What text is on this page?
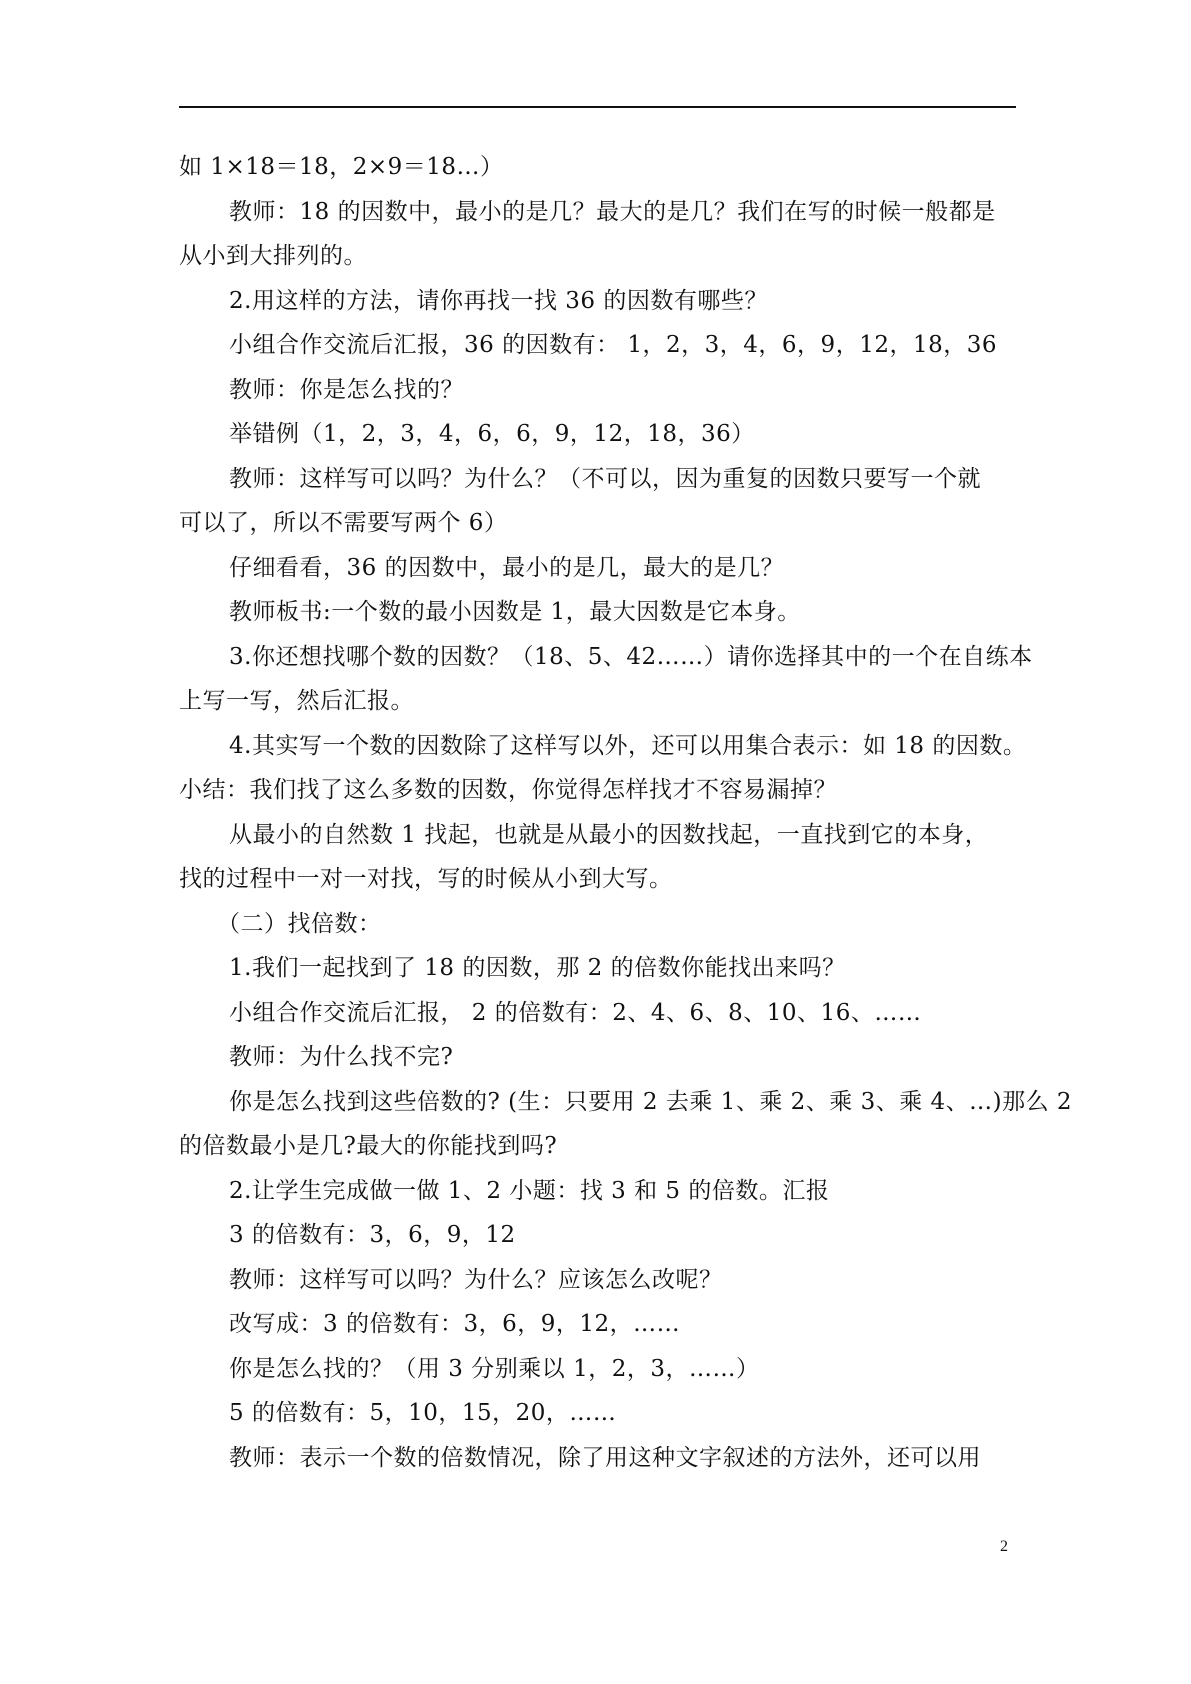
如 1×18＝18，2×9＝18…）
教师：18 的因数中，最小的是几？最大的是几？我们在写的时候一般都是
从小到大排列的。
2.用这样的方法，请你再找一找 36 的因数有哪些？
小组合作交流后汇报，36 的因数有： 1，2，3，4，6，9，12，18，36
教师：你是怎么找的？
举错例（1，2，3，4，6，6，9，12，18，36）
教师：这样写可以吗？为什么？（不可以，因为重复的因数只要写一个就
可以了，所以不需要写两个 6）
仔细看看，36 的因数中，最小的是几，最大的是几？
教师板书:一个数的最小因数是 1，最大因数是它本身。
3.你还想找哪个数的因数？（18、5、42……）请你选择其中的一个在自练本
上写一写，然后汇报。
4.其实写一个数的因数除了这样写以外，还可以用集合表示：如 18 的因数。
小结：我们找了这么多数的因数，你觉得怎样找才不容易漏掉？
从最小的自然数 1 找起，也就是从最小的因数找起，一直找到它的本身，
找的过程中一对一对找，写的时候从小到大写。
（二）找倍数：
1.我们一起找到了 18 的因数，那 2 的倍数你能找出来吗？
小组合作交流后汇报， 2 的倍数有：2、4、6、8、10、16、……
教师：为什么找不完?
你是怎么找到这些倍数的? (生：只要用 2 去乘 1、乘 2、乘 3、乘 4、…)那么 2
的倍数最小是几?最大的你能找到吗?
2.让学生完成做一做 1、2 小题：找 3 和 5 的倍数。汇报
3 的倍数有：3，6，9，12
教师：这样写可以吗？为什么？应该怎么改呢？
改写成：3 的倍数有：3，6，9，12，……
你是怎么找的？（用 3 分别乘以 1，2，3，……）
5 的倍数有：5，10，15，20，……
教师：表示一个数的倍数情况，除了用这种文字叙述的方法外，还可以用
2
